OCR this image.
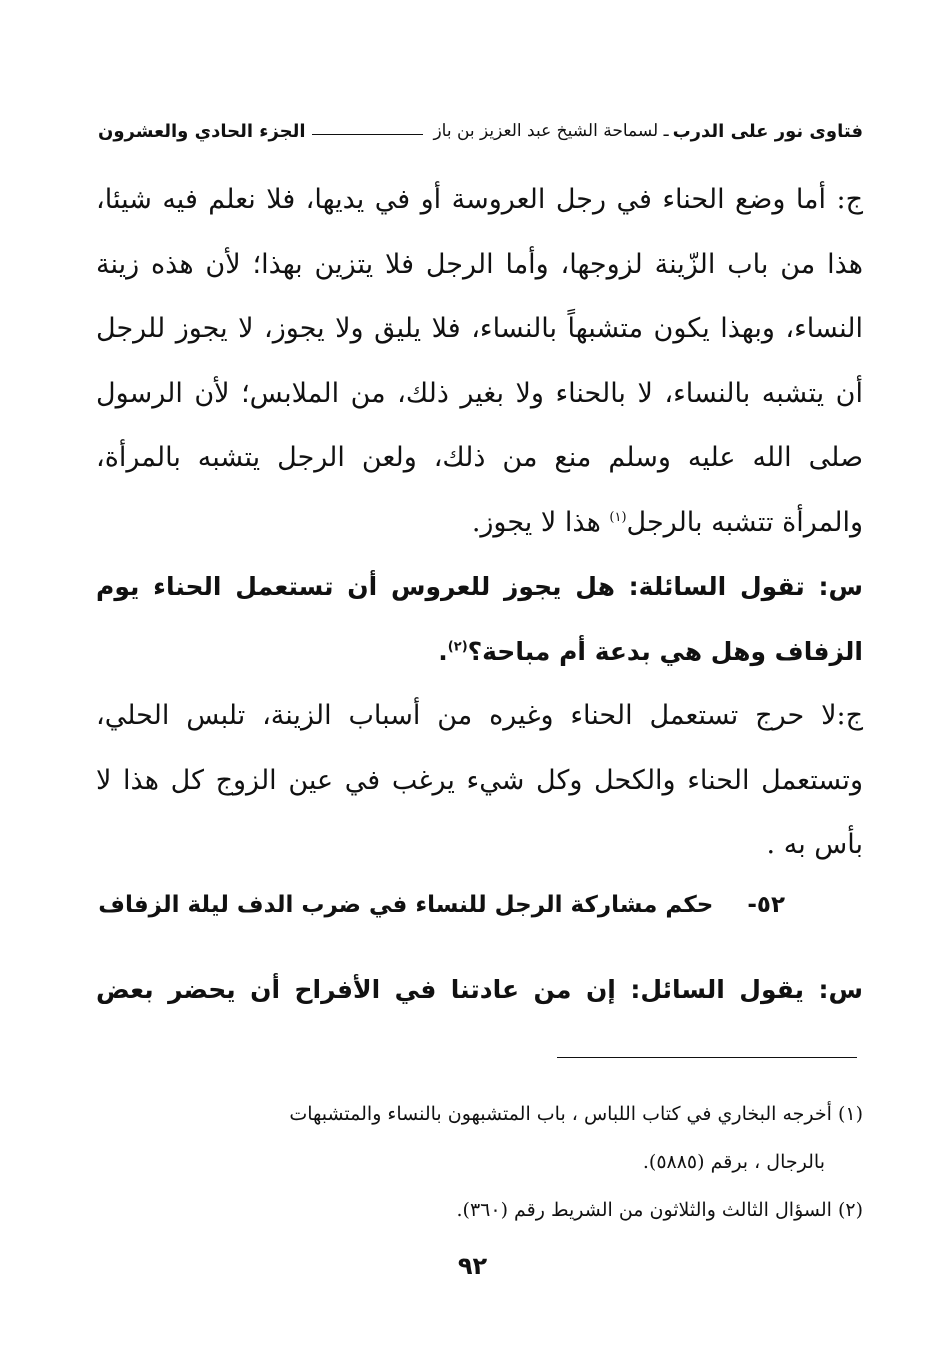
فتاوى نور على الدرب
ـ لسماحة الشيخ عبد العزيز بن باز
الجزء الحادي والعشرون

ج: أما وضع الحناء في رجل العروسة أو في يديها، فلا نعلم فيه شيئا، هذا من باب الزّينة لزوجها، وأما الرجل فلا يتزين بهذا؛ لأن هذه زينة النساء، وبهذا يكون متشبهاً بالنساء، فلا يليق ولا يجوز، لا يجوز للرجل أن يتشبه بالنساء، لا بالحناء ولا بغير ذلك، من الملابس؛ لأن الرسول صلى الله عليه وسلم منع من ذلك، ولعن الرجل يتشبه بالمرأة، والمرأة تتشبه بالرجل$^{(١)}$ هذا لا يجوز.

س: تقول السائلة: هل يجوز للعروس أن تستعمل الحناء يوم الزفاف وهل هي بدعة أم مباحة؟$^{(٢)}$.

ج:لا حرج تستعمل الحناء وغيره من أسباب الزينة، تلبس الحلي، وتستعمل الحناء والكحل وكل شيء يرغب في عين الزوج كل هذا لا بأس به .

٥٢-حكم مشاركة الرجل للنساء في ضرب الدف ليلة الزفاف
س: يقول السائل: إن من عادتنا في الأفراح أن يحضر بعض

(١) أخرجه البخاري في كتاب اللباس ، باب المتشبهون بالنساء والمتشبهات
بالرجال ، برقم (٥٨٨٥).

(٢) السؤال الثالث والثلاثون من الشريط رقم (٣٦٠).

٩٢
